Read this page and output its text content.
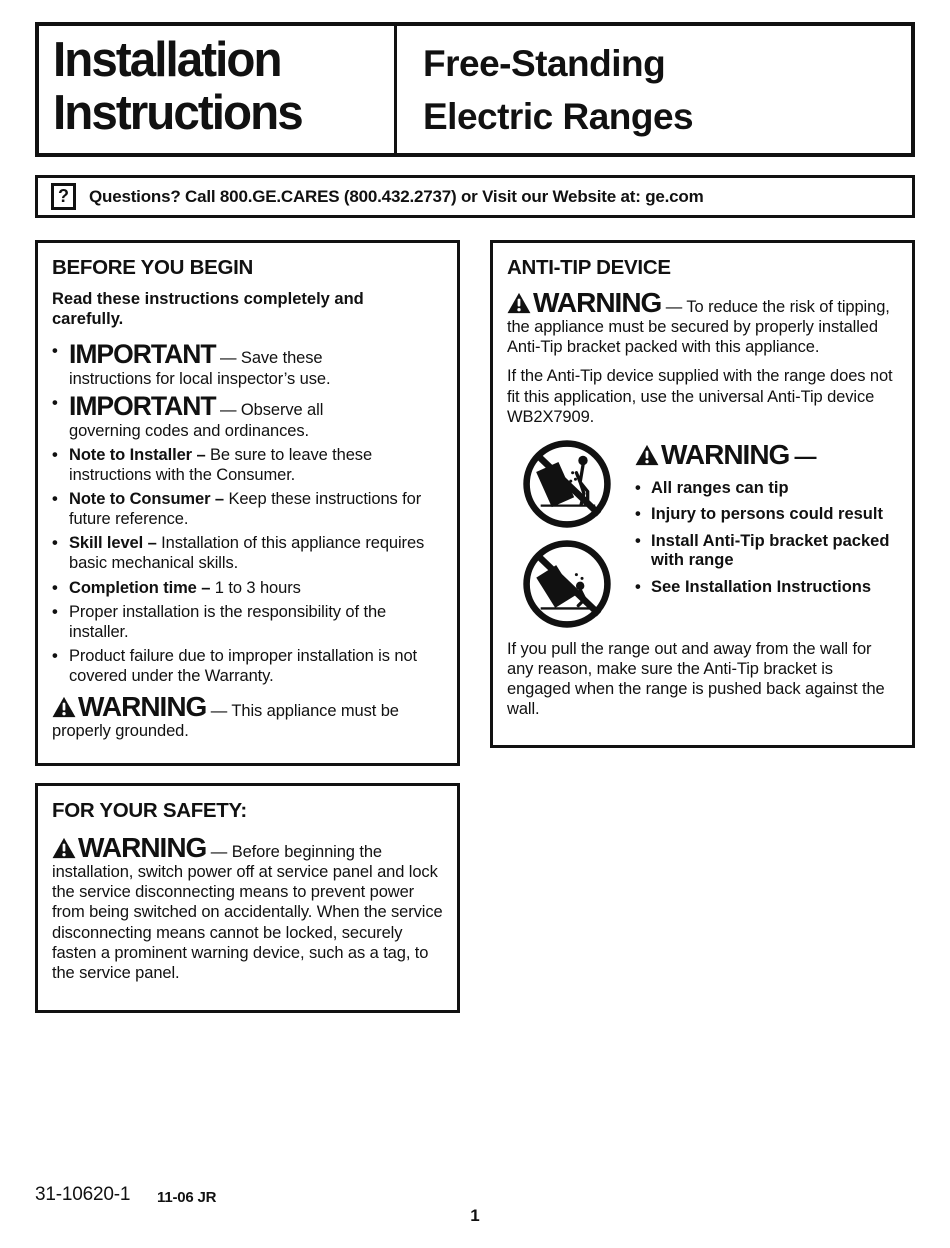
Installation
Instructions
Free-Standing
Electric Ranges
?	Questions? Call 800.GE.CARES (800.432.2737) or Visit our Website at: ge.com
BEFORE YOU BEGIN

Read these instructions completely and carefully.

• IMPORTANT — Save these instructions for local inspector’s use.
• IMPORTANT — Observe all governing codes and ordinances.
• Note to Installer – Be sure to leave these instructions with the Consumer.
• Note to Consumer – Keep these instructions for future reference.
• Skill level – Installation of this appliance requires basic mechanical skills.
• Completion time – 1 to 3 hours
• Proper installation is the responsibility of the installer.
• Product failure due to improper installation is not covered under the Warranty.

WARNING — This appliance must be properly grounded.

ANTI-TIP DEVICE

WARNING — To reduce the risk of tipping, the appliance must be secured by properly installed Anti-Tip bracket packed with this appliance.

If the Anti-Tip device supplied with the range does not fit this application, use the universal Anti-Tip device WB2X7909.

WARNING —
• All ranges can tip
• Injury to persons could result
• Install Anti-Tip bracket packed with range
• See Installation Instructions

If you pull the range out and away from the wall for any reason, make sure the Anti-Tip bracket is engaged when the range is pushed back against the wall.

FOR YOUR SAFETY:

WARNING — Before beginning the installation, switch power off at service panel and lock the service disconnecting means to prevent power from being switched on accidentally. When the service disconnecting means cannot be locked, securely fasten a prominent warning device, such as a tag, to the service panel.

31-10620-1 11-06 JR
1
